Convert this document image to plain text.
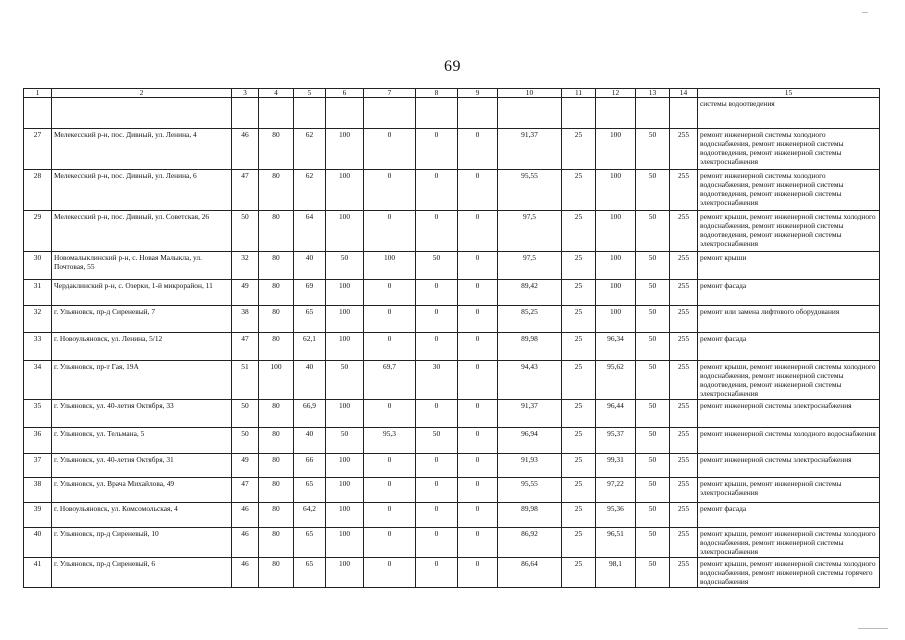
69
1	2	3	4	5	6	7	8	9	10	11	12	13	14	15
														системы водоотведения
27	Мелекесский р-н, пос. Дивный, ул. Ленина, 4	46	80	62	100	0	0	0	91,37	25	100	50	255	ремонт инженерной системы холодного водоснабжения, ремонт инженерной системы водоотведения, ремонт инженерной системы электроснабжения
28	Мелекесский р-н, пос. Дивный, ул. Ленина, 6	47	80	62	100	0	0	0	95,55	25	100	50	255	ремонт инженерной системы холодного водоснабжения, ремонт инженерной системы водоотведения, ремонт инженерной системы электроснабжения
29	Мелекесский р-н, пос. Дивный, ул. Советская, 26	50	80	64	100	0	0	0	97,5	25	100	50	255	ремонт крыши, ремонт инженерной системы холодного водоснабжения, ремонт инженерной системы водоотведения, ремонт инженерной системы электроснабжения
30	Новомалыклинский р-н, с. Новая Малыкла, ул. Почтовая, 55	32	80	40	50	100	50	0	97,5	25	100	50	255	ремонт крыши
31	Чердаклинский р-н, с. Озерки, 1-й микрорайон, 11	49	80	69	100	0	0	0	89,42	25	100	50	255	ремонт фасада
32	г. Ульяновск, пр-д Сиреневый, 7	38	80	65	100	0	0	0	85,25	25	100	50	255	ремонт или замена лифтового оборудования
33	г. Новоульяновск, ул. Ленина, 5/12	47	80	62,1	100	0	0	0	89,98	25	96,34	50	255	ремонт фасада
34	г. Ульяновск, пр-т Гая, 19А	51	100	40	50	69,7	30	0	94,43	25	95,62	50	255	ремонт крыши, ремонт инженерной системы холодного водоснабжения, ремонт инженерной системы водоотведения, ремонт инженерной системы электроснабжения
35	г. Ульяновск, ул. 40-летия Октября, 33	50	80	66,9	100	0	0	0	91,37	25	96,44	50	255	ремонт инженерной системы электроснабжения
36	г. Ульяновск, ул. Тельмана, 5	50	80	40	50	95,3	50	0	96,94	25	95,37	50	255	ремонт инженерной системы холодного водоснабжения
37	г. Ульяновск, ул. 40-летия Октября, 31	49	80	66	100	0	0	0	91,93	25	99,31	50	255	ремонт инженерной системы электроснабжения
38	г. Ульяновск, ул. Врача Михайлова, 49	47	80	65	100	0	0	0	95,55	25	97,22	50	255	ремонт крыши, ремонт инженерной системы электроснабжения
39	г. Новоульяновск, ул. Комсомольская, 4	46	80	64,2	100	0	0	0	89,98	25	95,36	50	255	ремонт фасада
40	г. Ульяновск, пр-д Сиреневый, 10	46	80	65	100	0	0	0	86,92	25	96,51	50	255	ремонт крыши, ремонт инженерной системы холодного водоснабжения, ремонт инженерной системы электроснабжения
41	г. Ульяновск, пр-д Сиреневый, 6	46	80	65	100	0	0	0	86,64	25	98,1	50	255	ремонт крыши, ремонт инженерной системы холодного водоснабжения, ремонт инженерной системы горячего водоснабжения
